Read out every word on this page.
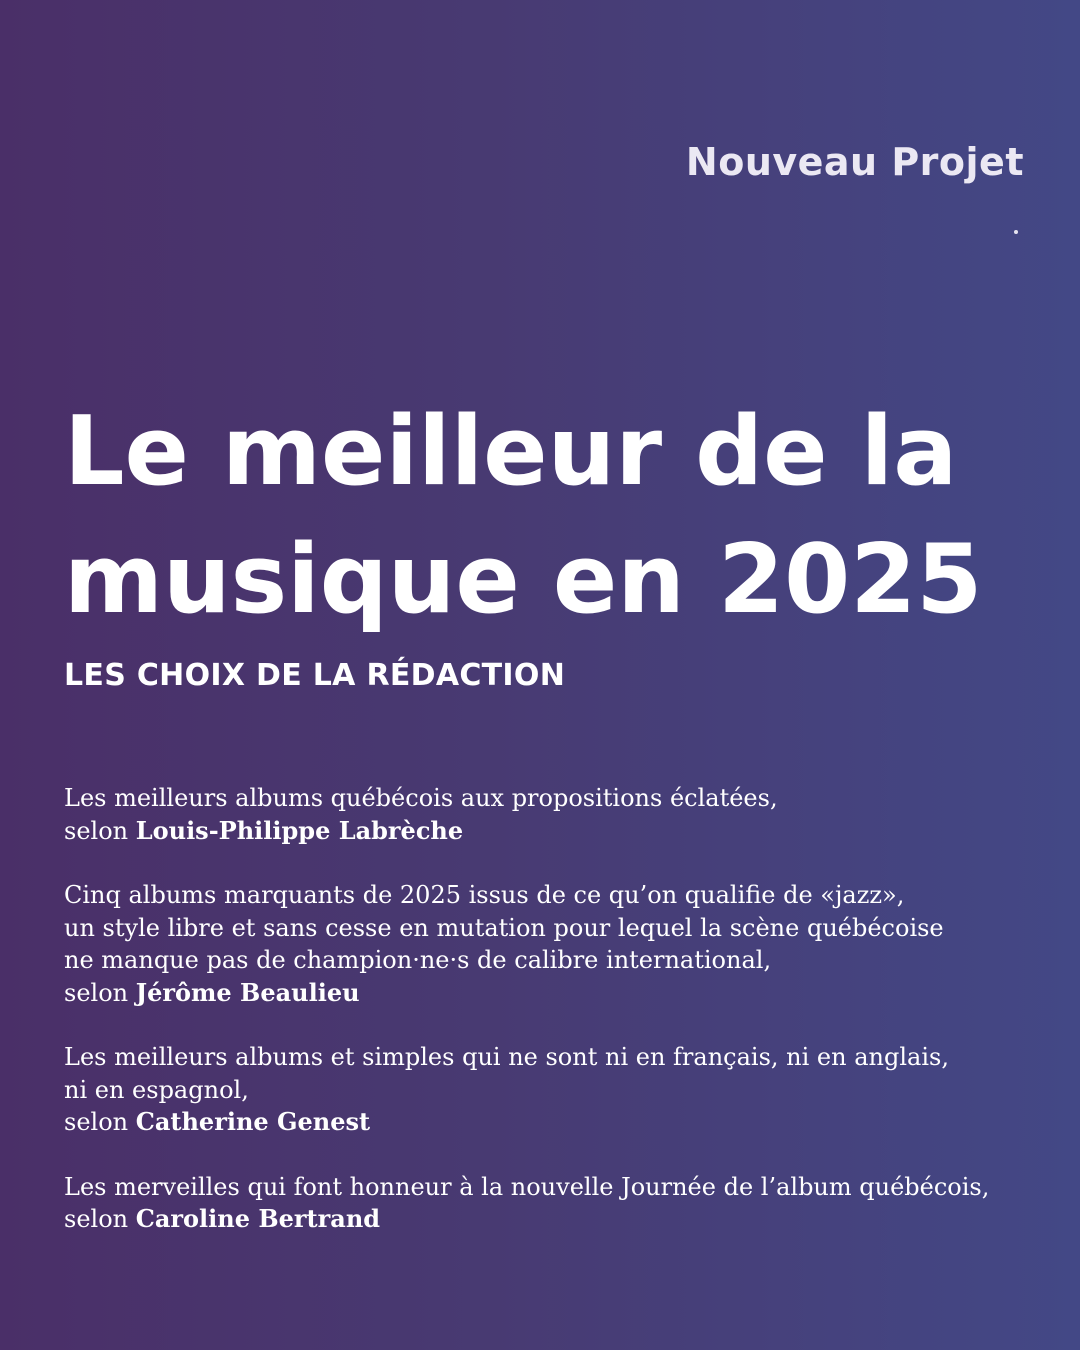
Nouveau Projet
Le meilleur de la
musique en 2025
LES CHOIX DE LA RÉDACTION
Les meilleurs albums québécois aux propositions éclatées,
selon Louis-Philippe Labrèche
Cinq albums marquants de 2025 issus de ce qu’on qualifie de «jazz»,
un style libre et sans cesse en mutation pour lequel la scène québécoise
ne manque pas de champion·ne·s de calibre international,
selon Jérôme Beaulieu
Les meilleurs albums et simples qui ne sont ni en français, ni en anglais,
ni en espagnol,
selon Catherine Genest
Les merveilles qui font honneur à la nouvelle Journée de l’album québécois,
selon Caroline Bertrand
